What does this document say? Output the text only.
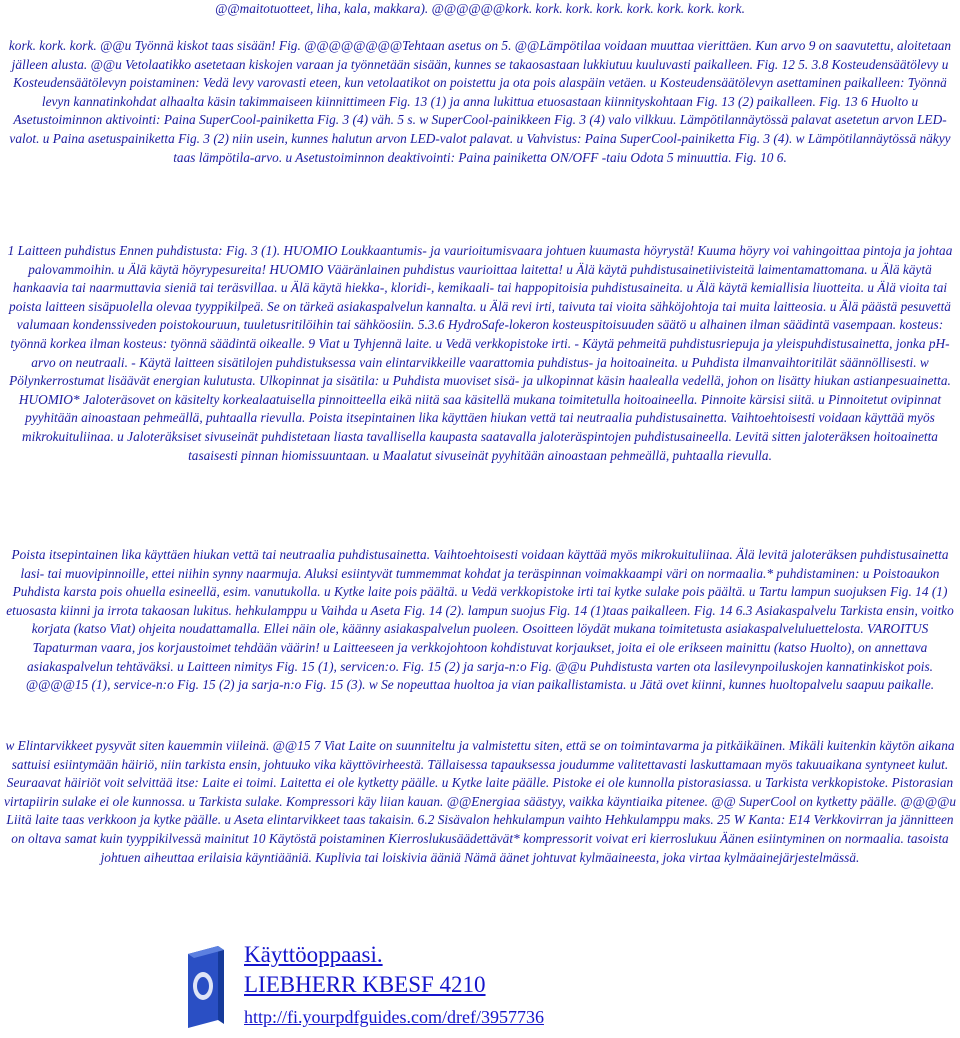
@@maitotuotteet, liha, kala, makkara). @@@@@@kork. kork. kork. kork. kork. kork. kork. kork.

kork. kork. kork. @@u Työnnä kiskot taas sisään! Fig. @@@@@@@@Tehtaan asetus on 5. @@Lämpötilaa voidaan muuttaa vierittäen. Kun arvo 9 on saavutettu, aloitetaan jälleen alusta. @@u Vetolaatikko asetetaan kiskojen varaan ja työnnetään sisään, kunnes se takaosastaan lukkiutuu kuuluvasti paikalleen. Fig. 12 5. 3.8 Kosteudensäätölevy u Kosteudensäätölevyn poistaminen: Vedä levy varovasti eteen, kun vetolaatikot on poistettu ja ota pois alaspäin vetäen. u Kosteudensäätölevyn asettaminen paikalleen: Työnnä levyn kannatinkohdat alhaalta käsin takimmaiseen kiinnittimeen Fig. 13 (1) ja anna lukittua etuosastaan kiinnityskohtaan Fig. 13 (2) paikalleen. Fig. 13 6 Huolto u Asetustoiminnon aktivointi: Paina SuperCool-painiketta Fig. 3 (4) väh. 5 s. w SuperCool-painikkeen Fig. 3 (4) valo vilkkuu. Lämpötilannäytössä palavat asetetun arvon LED-valot. u Paina asetuspainiketta Fig. 3 (2) niin usein, kunnes halutun arvon LED-valot palavat. u Vahvistus: Paina SuperCool-painiketta Fig. 3 (4). w Lämpötilannäytössä näkyy taas lämpötila-arvo. u Asetustoiminnon deaktivointi: Paina painiketta ON/OFF -taiu Odota 5 minuuttia. Fig. 10 6.

1 Laitteen puhdistus Ennen puhdistusta: Fig. 3 (1). HUOMIO Loukkaantumis- ja vaurioitumisvaara johtuen kuumasta höyrystä! Kuuma höyry voi vahingoittaa pintoja ja johtaa palovammoihin. u Älä käytä höyrypesureita! HUOMIO Vääränlainen puhdistus vaurioittaa laitetta! u Älä käytä puhdistusainetiivisteitä laimentamattomana. u Älä käytä hankaavia tai naarmuttavia sieniä tai teräsvillaa. u Älä käytä hiekka-, kloridi-, kemikaali- tai happopitoisia puhdistusaineita. u Älä käytä kemiallisia liuotteita. u Älä vioita tai poista laitteen sisäpuolella olevaa tyyppikilpeä. Se on tärkeä asiakaspalvelun kannalta. u Älä revi irti, taivuta tai vioita sähköjohtoja tai muita laitteosia. u Älä päästä pesuvettä valumaan kondenssiveden poistokouruun, tuuletusritilöihin tai sähköosiin. 5.3.6 HydroSafe-lokeron kosteuspitoisuuden säätö u alhainen ilman säädintä vasempaan. kosteus: työnnä korkea ilman kosteus: työnnä säädintä oikealle. 9 Viat u Tyhjennä laite. u Vedä verkkopistoke irti. - Käytä pehmeitä puhdistusriepuja ja yleispuhdistusainetta, jonka pH- arvo on neutraali. - Käytä laitteen sisätilojen puhdistuksessa vain elintarvikkeille vaarattomia puhdistus- ja hoitoaineita. u Puhdista ilmanvaihtoritilät säännöllisesti. w Pölynkerrostumat lisäävät energian kulutusta. Ulkopinnat ja sisätila: u Puhdista muoviset sisä- ja ulkopinnat käsin haalealla vedellä, johon on lisätty hiukan astianpesuainetta. HUOMIO* Jaloteräsovet on käsitelty korkealaatuisella pinnoitteella eikä niitä saa käsitellä mukana toimitetulla hoitoaineella. Pinnoite kärsisi siitä. u Pinnoitetut ovipinnat pyyhitään ainoastaan pehmeällä, puhtaalla rievulla. Poista itsepintainen lika käyttäen hiukan vettä tai neutraalia puhdistusainetta. Vaihtoehtoisesti voidaan käyttää myös mikrokuituliinaa. u Jaloteräksiset sivuseinät puhdistetaan liasta tavallisella kaupasta saatavalla jaloteräspintojen puhdistusaineella. Levitä sitten jaloteräksen hoitoainetta tasaisesti pinnan hiomissuuntaan. u Maalatut sivuseinät pyyhitään ainoastaan pehmeällä, puhtaalla rievulla.

Poista itsepintainen lika käyttäen hiukan vettä tai neutraalia puhdistusainetta. Vaihtoehtoisesti voidaan käyttää myös mikrokuituliinaa. Älä levitä jaloteräksen puhdistusainetta lasi- tai muovipinnoille, ettei niihin synny naarmuja. Aluksi esiintyvät tummemmat kohdat ja teräspinnan voimakkaampi väri on normaalia.* puhdistaminen: u Poistoaukon Puhdista karsta pois ohuella esineellä, esim. vanutukolla. u Kytke laite pois päältä. u Vedä verkkopistoke irti tai kytke sulake pois päältä. u Tartu lampun suojuksen Fig. 14 (1) etuosasta kiinni ja irrota takaosan lukitus. hehkulamppu u Vaihda u Aseta Fig. 14 (2). lampun suojus Fig. 14 (1)taas paikalleen. Fig. 14 6.3 Asiakaspalvelu Tarkista ensin, voitko korjata (katso Viat) ohjeita noudattamalla. Ellei näin ole, käänny asiakaspalvelun puoleen. Osoitteen löydät mukana toimitetusta asiakaspalveluluettelosta. VAROITUS Tapaturman vaara, jos korjaustoimet tehdään väärin! u Laitteeseen ja verkkojohtoon kohdistuvat korjaukset, joita ei ole erikseen mainittu (katso Huolto), on annettava asiakaspalvelun tehtäväksi. u Laitteen nimitys Fig. 15 (1), servicen:o. Fig. 15 (2) ja sarja-n:o Fig. @@u Puhdistusta varten ota lasilevynpoiluskojen kannatinkiskot pois. @@@@15 (1), service-n:o Fig. 15 (2) ja sarja-n:o Fig. 15 (3). w Se nopeuttaa huoltoa ja vian paikallistamista. u Jätä ovet kiinni, kunnes huoltopalvelu saapuu paikalle.

w Elintarvikkeet pysyvät siten kauemmin viileinä. @@15 7 Viat Laite on suunniteltu ja valmistettu siten, että se on toimintavarma ja pitkäikäinen. Mikäli kuitenkin käytön aikana sattuisi esiintymään häiriö, niin tarkista ensin, johtuuko vika käyttövirheestä. Tällaisessa tapauksessa joudumme valitettavasti laskuttamaan myös takuuaikana syntyneet kulut. Seuraavat häiriöt voit selvittää itse: Laite ei toimi. Laitetta ei ole kytketty päälle. u Kytke laite päälle. Pistoke ei ole kunnolla pistorasiassa. u Tarkista verkkopistoke. Pistorasian virtapiirin sulake ei ole kunnossa. u Tarkista sulake. Kompressori käy liian kauan. @@Energiaa säästyy, vaikka käyntiaika pitenee. @@ SuperCool on kytketty päälle. @@@@u Liitä laite taas verkkoon ja kytke päälle. u Aseta elintarvikkeet taas takaisin. 6.2 Sisävalon hehkulampun vaihto Hehkulamppu maks. 25 W Kanta: E14 Verkkovirran ja jännitteen on oltava samat kuin tyyppikilvessä mainitut 10 Käytöstä poistaminen Kierroslukusäädettävät* kompressorit voivat eri kierroslukuu Äänen esiintyminen on normaalia. tasoista johtuen aiheuttaa erilaisia käyntiääniä. Kuplivia tai loiskivia ääniä Nämä äänet johtuvat kylmäaineesta, joka virtaa kylmäainejärjestelmässä.

Käyttöoppaasi.
LIEBHERR KBESF 4210
http://fi.yourpdfguides.com/dref/3957736
